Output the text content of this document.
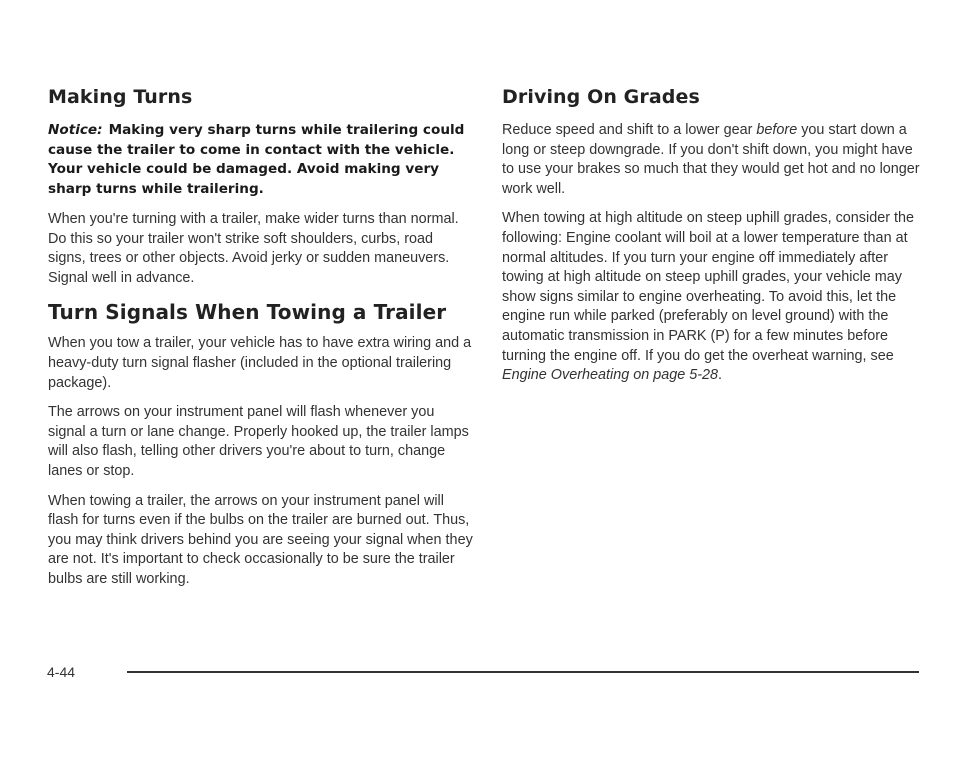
Making Turns

Notice: Making very sharp turns while trailering could cause the trailer to come in contact with the vehicle. Your vehicle could be damaged. Avoid making very sharp turns while trailering.

When you're turning with a trailer, make wider turns than normal. Do this so your trailer won't strike soft shoulders, curbs, road signs, trees or other objects. Avoid jerky or sudden maneuvers. Signal well in advance.

Turn Signals When Towing a Trailer

When you tow a trailer, your vehicle has to have extra wiring and a heavy-duty turn signal flasher (included in the optional trailering package).

The arrows on your instrument panel will flash whenever you signal a turn or lane change. Properly hooked up, the trailer lamps will also flash, telling other drivers you're about to turn, change lanes or stop.

When towing a trailer, the arrows on your instrument panel will flash for turns even if the bulbs on the trailer are burned out. Thus, you may think drivers behind you are seeing your signal when they are not. It's important to check occasionally to be sure the trailer bulbs are still working.

Driving On Grades

Reduce speed and shift to a lower gear before you start down a long or steep downgrade. If you don't shift down, you might have to use your brakes so much that they would get hot and no longer work well.

When towing at high altitude on steep uphill grades, consider the following: Engine coolant will boil at a lower temperature than at normal altitudes. If you turn your engine off immediately after towing at high altitude on steep uphill grades, your vehicle may show signs similar to engine overheating. To avoid this, let the engine run while parked (preferably on level ground) with the automatic transmission in PARK (P) for a few minutes before turning the engine off. If you do get the overheat warning, see Engine Overheating on page 5-28.

4-44
